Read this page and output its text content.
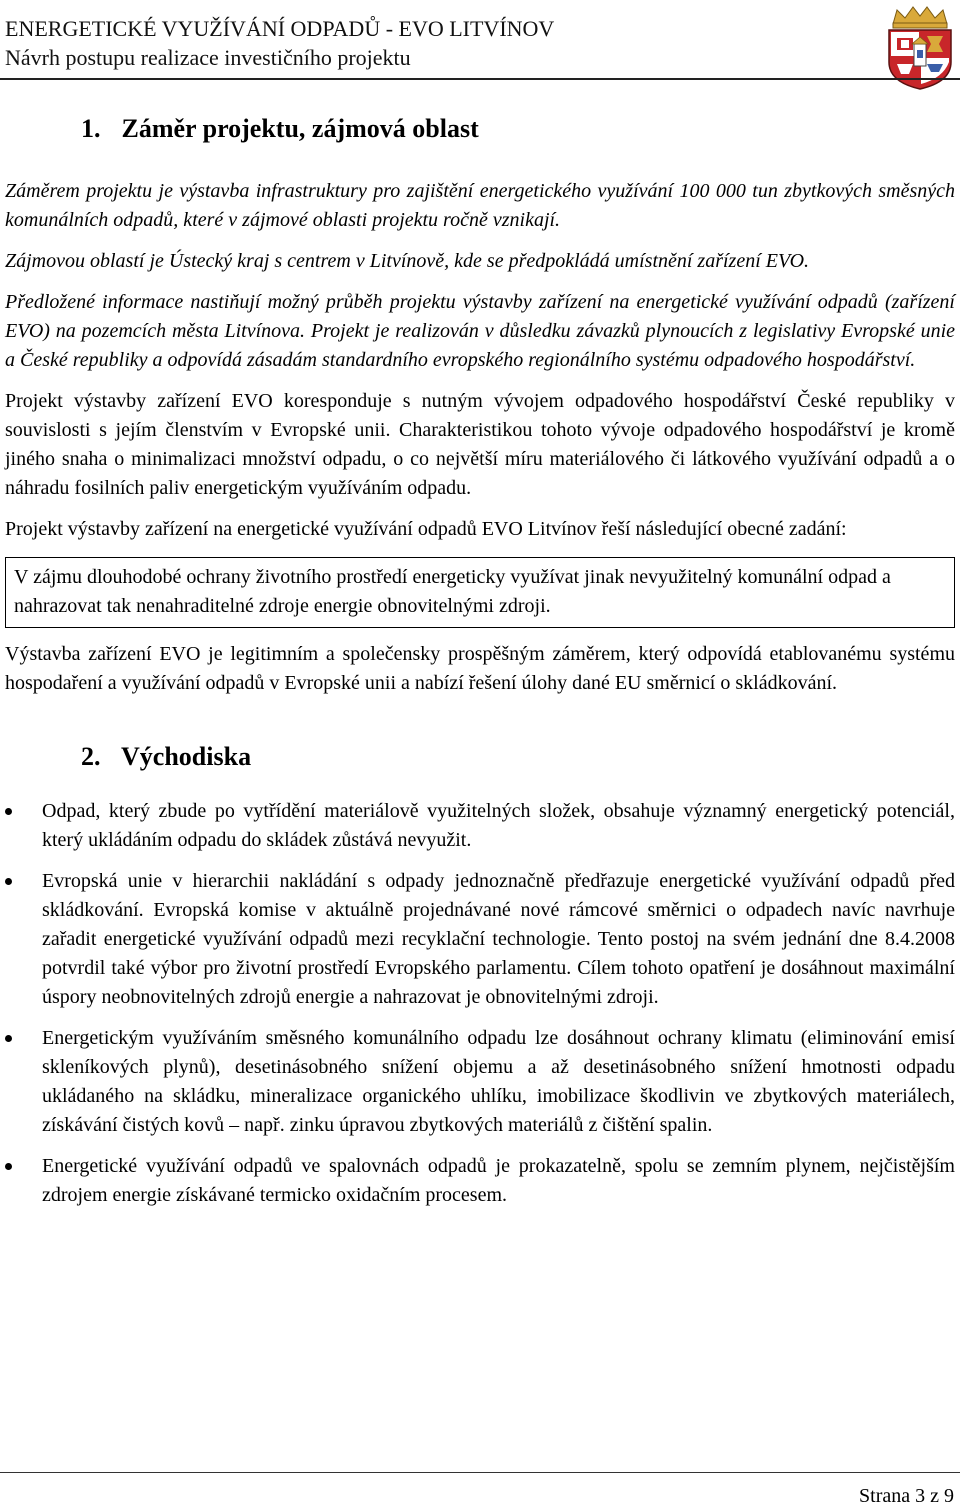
ENERGETICKÉ VYUŽÍVÁNÍ ODPADŮ - EVO LITVÍNOV
Návrh postupu realizace investičního projektu
1. Záměr projektu, zájmová oblast

Záměrem projektu je výstavba infrastruktury pro zajištění energetického využívání 100 000 tun zbytkových směsných komunálních odpadů, které v zájmové oblasti projektu ročně vznikají.

Zájmovou oblastí je Ústecký kraj s centrem v Litvínově, kde se předpokládá umístnění zařízení EVO.

Předložené informace nastiňují možný průběh projektu výstavby zařízení na energetické využívání odpadů (zařízení EVO) na pozemcích města Litvínova. Projekt je realizován v důsledku závazků plynoucích z legislativy Evropské unie a České republiky a odpovídá zásadám standardního evropského regionálního systému odpadového hospodářství.

Projekt výstavby zařízení EVO koresponduje s nutným vývojem odpadového hospodářství České republiky v souvislosti s jejím členstvím v Evropské unii. Charakteristikou tohoto vývoje odpadového hospodářství je kromě jiného snaha o minimalizaci množství odpadu, o co největší míru materiálového či látkového využívání odpadů a o náhradu fosilních paliv energetickým využíváním odpadu.

Projekt výstavby zařízení na energetické využívání odpadů EVO Litvínov řeší následující obecné zadání:

V zájmu dlouhodobé ochrany životního prostředí energeticky využívat jinak nevyužitelný komunální odpad a nahrazovat tak nenahraditelné zdroje energie obnovitelnými zdroji.

Výstavba zařízení EVO je legitimním a společensky prospěšným záměrem, který odpovídá etablovanému systému hospodaření a využívání odpadů v Evropské unii a nabízí řešení úlohy dané EU směrnicí o skládkování.

2. Východiska
Odpad, který zbude po vytřídění materiálově využitelných složek, obsahuje významný energetický potenciál, který ukládáním odpadu do skládek zůstává nevyužit.
Evropská unie v hierarchii nakládání s odpady jednoznačně předřazuje energetické využívání odpadů před skládkování. Evropská komise v aktuálně projednávané nové rámcové směrnici o odpadech navíc navrhuje zařadit energetické využívání odpadů mezi recyklační technologie. Tento postoj na svém jednání dne 8.4.2008 potvrdil také výbor pro životní prostředí Evropského parlamentu. Cílem tohoto opatření je dosáhnout maximální úspory neobnovitelných zdrojů energie a nahrazovat je obnovitelnými zdroji.
Energetickým využíváním směsného komunálního odpadu lze dosáhnout ochrany klimatu (eliminování emisí skleníkových plynů), desetinásobného snížení objemu a až desetinásobného snížení hmotnosti odpadu ukládaného na skládku, mineralizace organického uhlíku, imobilizace škodlivin ve zbytkových materiálech, získávání čistých kovů – např. zinku úpravou zbytkových materiálů z čištění spalin.
Energetické využívání odpadů ve spalovnách odpadů je prokazatelně, spolu se zemním plynem, nejčistějším zdrojem energie získávané termicko oxidačním procesem.
Strana 3 z 9
